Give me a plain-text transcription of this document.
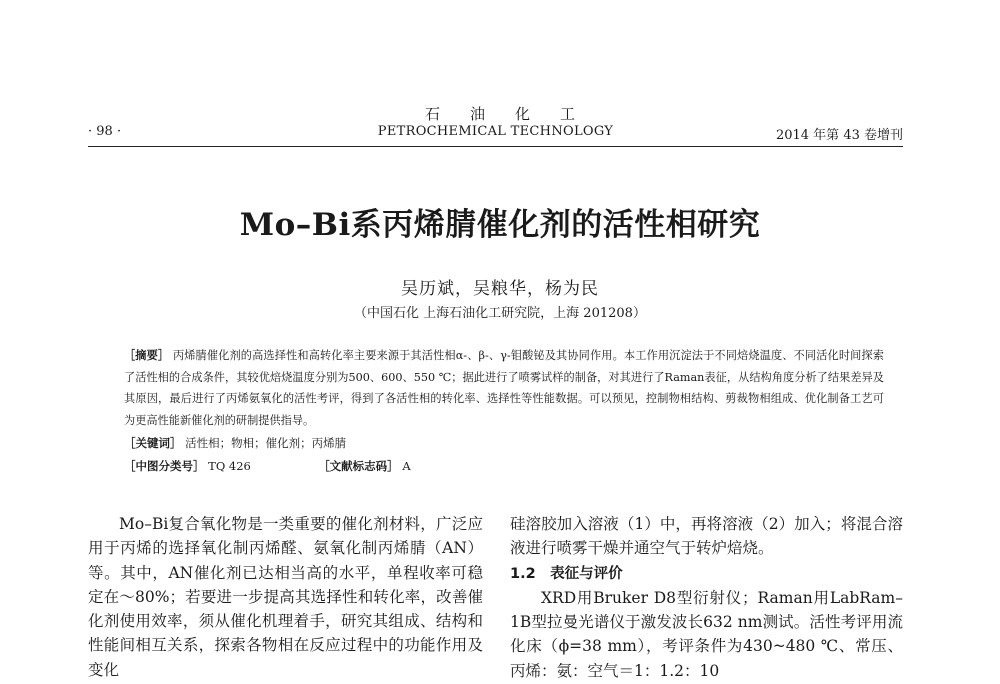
石油化工
· 98 ·	PETROCHEMICAL TECHNOLOGY	2014 年第 43 卷增刊
Mo–Bi系丙烯腈催化剂的活性相研究
吴历斌，吴粮华，杨为民
（中国石化 上海石油化工研究院，上海 201208）
［摘要］ 丙烯腈催化剂的高选择性和高转化率主要来源于其活性相α-、β-、γ-钼酸铋及其协同作用。本工作用沉淀法于不同焙烧温度、不同活化时间探索了活性相的合成条件，其较优焙烧温度分别为500、600、550 ℃；据此进行了喷雾试样的制备，对其进行了Raman表征，从结构角度分析了结果差异及其原因，最后进行了丙烯氨氧化的活性考评，得到了各活性相的转化率、选择性等性能数据。可以预见，控制物相结构、剪裁物相组成、优化制备工艺可为更高性能新催化剂的研制提供指导。
［关键词］ 活性相；物相；催化剂；丙烯腈
［中图分类号］ TQ 426	［文献标志码］ A

Mo–Bi复合氧化物是一类重要的催化剂材料，广泛应用于丙烯的选择氧化制丙烯醛、氨氧化制丙烯腈（AN）等。其中，AN催化剂已达相当高的水平，单程收率可稳定在～80%；若要进一步提高其选择性和转化率，改善催化剂使用效率，须从催化机理着手，研究其组成、结构和性能间相互关系，探索各物相在反应过程中的功能作用及变化

硅溶胶加入溶液（1）中，再将溶液（2）加入；将混合溶液进行喷雾干燥并通空气于转炉焙烧。

1.2　表征与评价

XRD用Bruker D8型衍射仪；Raman用LabRam–1B型拉曼光谱仪于激发波长632 nm测试。活性考评用流化床（ϕ=38 mm），考评条件为430~480 ℃、常压、丙烯：氨：空气＝1：1.2：10
